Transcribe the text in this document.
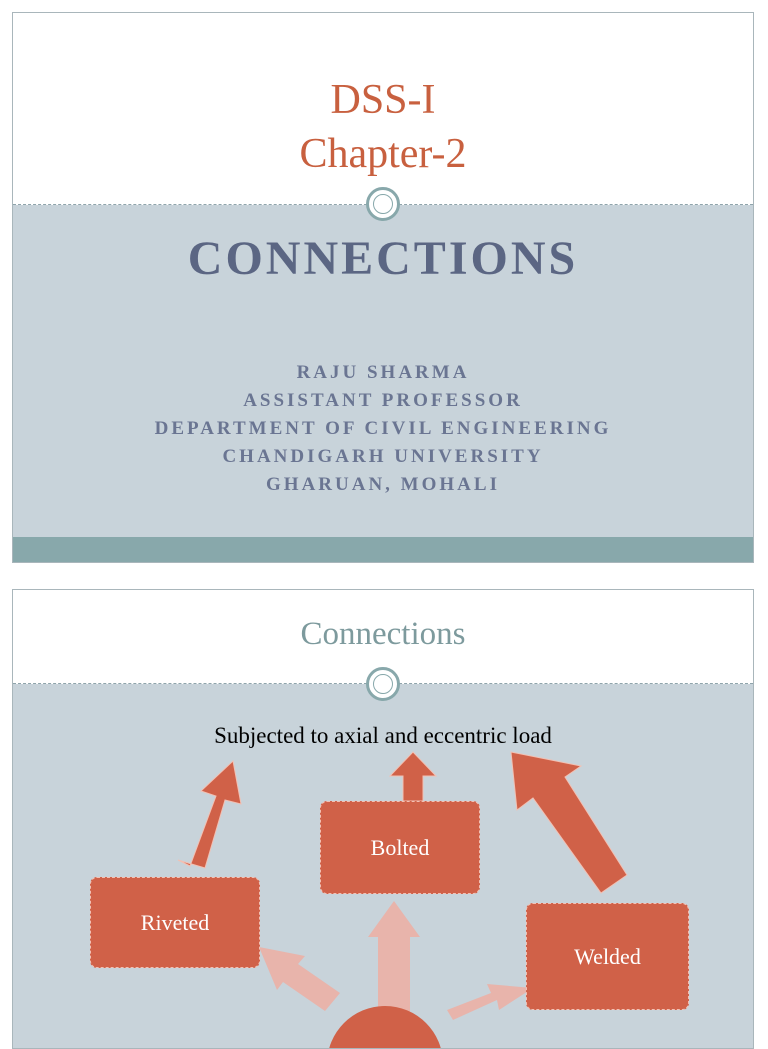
DSS-I
Chapter-2
CONNECTIONS
RAJU SHARMA
ASSISTANT PROFESSOR
DEPARTMENT OF CIVIL ENGINEERING
CHANDIGARH UNIVERSITY
GHARUAN, MOHALI
Connections
Subjected to axial and eccentric load
Bolted
Riveted
Welded
